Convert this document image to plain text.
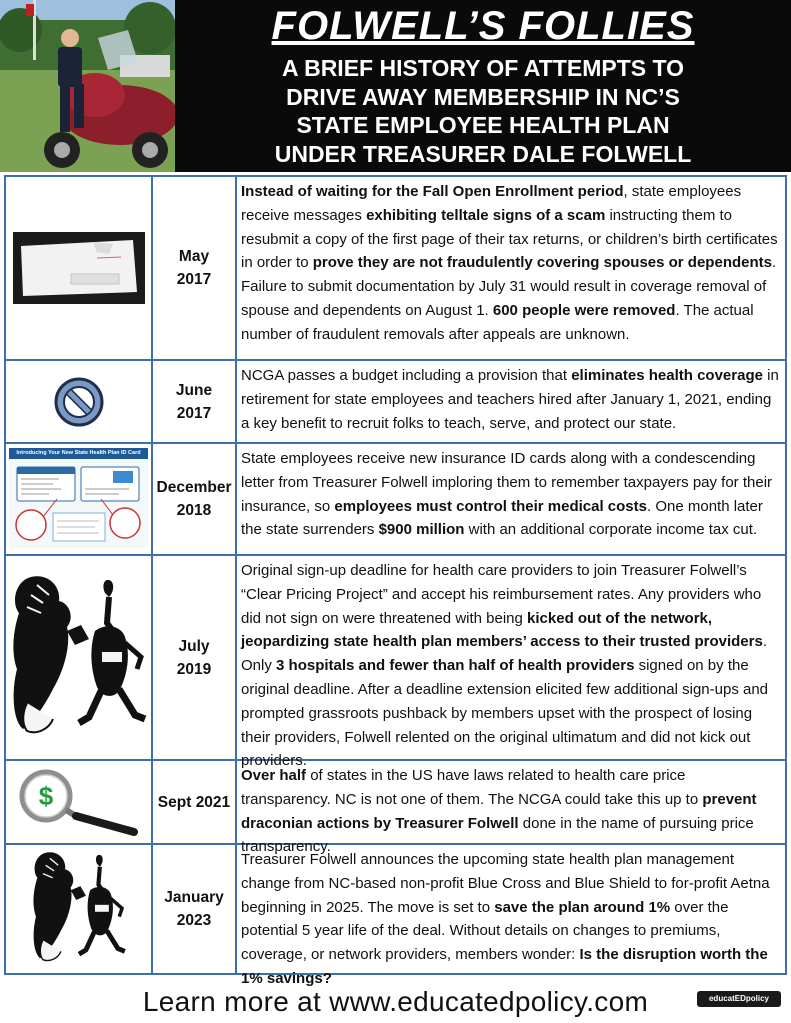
FOLWELL’S FOLLIES
A BRIEF HISTORY OF ATTEMPTS TO
DRIVE AWAY MEMBERSHIP IN NC’S
STATE EMPLOYEE HEALTH PLAN
UNDER TREASURER DALE FOLWELL
May
2017
Instead of waiting for the Fall Open Enrollment period, state employees receive messages exhibiting telltale signs of a scam instructing them to resubmit a copy of the first page of their tax returns, or children’s birth certificates in order to prove they are not fraudulently covering spouses or dependents. Failure to submit documentation by July 31 would result in coverage removal of spouse and dependents on August 1. 600 people were removed. The actual number of fraudulent removals after appeals are unknown.
June
2017
NCGA passes a budget including a provision that eliminates health coverage in retirement for state employees and teachers hired after January 1, 2021, ending a key benefit to recruit folks to teach, serve, and protect our state.
Introducing Your New State Health Plan ID Card
December
2018
State employees receive new insurance ID cards along with a condescending letter from Treasurer Folwell imploring them to remember taxpayers pay for their insurance, so employees must control their medical costs. One month later the state surrenders $900 million with an additional corporate income tax cut.
July
2019
Original sign-up deadline for health care providers to join Treasurer Folwell’s “Clear Pricing Project” and accept his reimbursement rates. Any providers who did not sign on were threatened with being kicked out of the network, jeopardizing state health plan members’ access to their trusted providers. Only 3 hospitals and fewer than half of health providers signed on by the original deadline. After a deadline extension elicited few additional sign-ups and prompted grassroots pushback by members upset with the prospect of losing their providers, Folwell relented on the original ultimatum and did not kick out providers.
$	Sept 2021
Over half of states in the US have laws related to health care price transparency. NC is not one of them. The NCGA could take this up to prevent draconian actions by Treasurer Folwell done in the name of pursuing price transparency.
January
2023
Treasurer Folwell announces the upcoming state health plan management change from NC-based non-profit Blue Cross and Blue Shield to for-profit Aetna beginning in 2025. The move is set to save the plan around 1% over the potential 5 year life of the deal. Without details on changes to premiums, coverage, or network providers, members wonder: Is the disruption worth the 1% savings?
Learn more at www.educatedpolicy.com	educatEDpolicy
